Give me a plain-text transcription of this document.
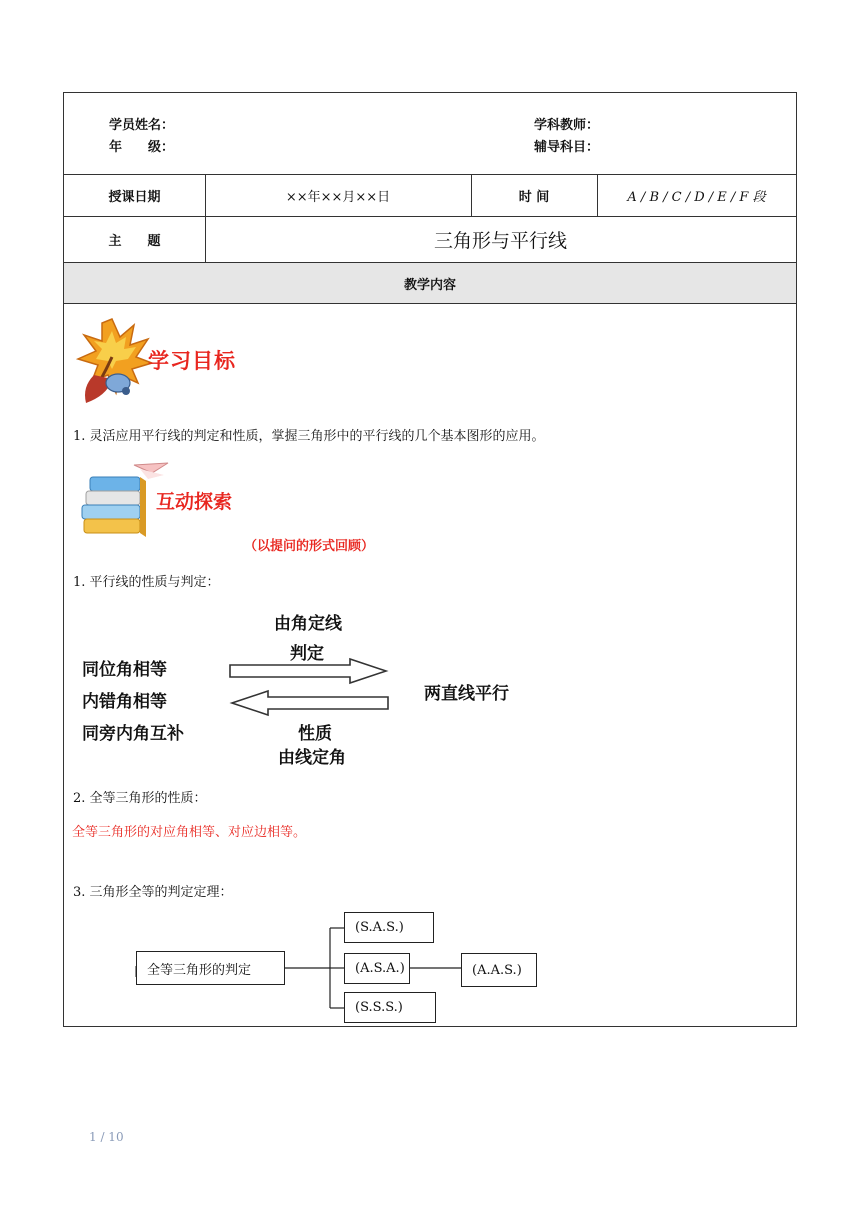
学员姓名：
年　　级：
学科教师：
辅导科目：
授课日期	××年××月××日	时 间	A / B / C / D / E / F 段
主　　题	三角形与平行线
教学内容
学习目标
1. 灵活应用平行线的判定和性质，掌握三角形中的平行线的几个基本图形的应用。
互动探索
（以提问的形式回顾）
1. 平行线的性质与判定：
由角定线
判定
同位角相等
内错角相等
同旁内角互补
两直线平行
性质
由线定角
2. 全等三角形的性质：
全等三角形的对应角相等、对应边相等。
3. 三角形全等的判定定理：
全等三角形的判定
(S.A.S.)
(A.S.A.)
(S.S.S.)
(A.A.S.)
1 / 10
